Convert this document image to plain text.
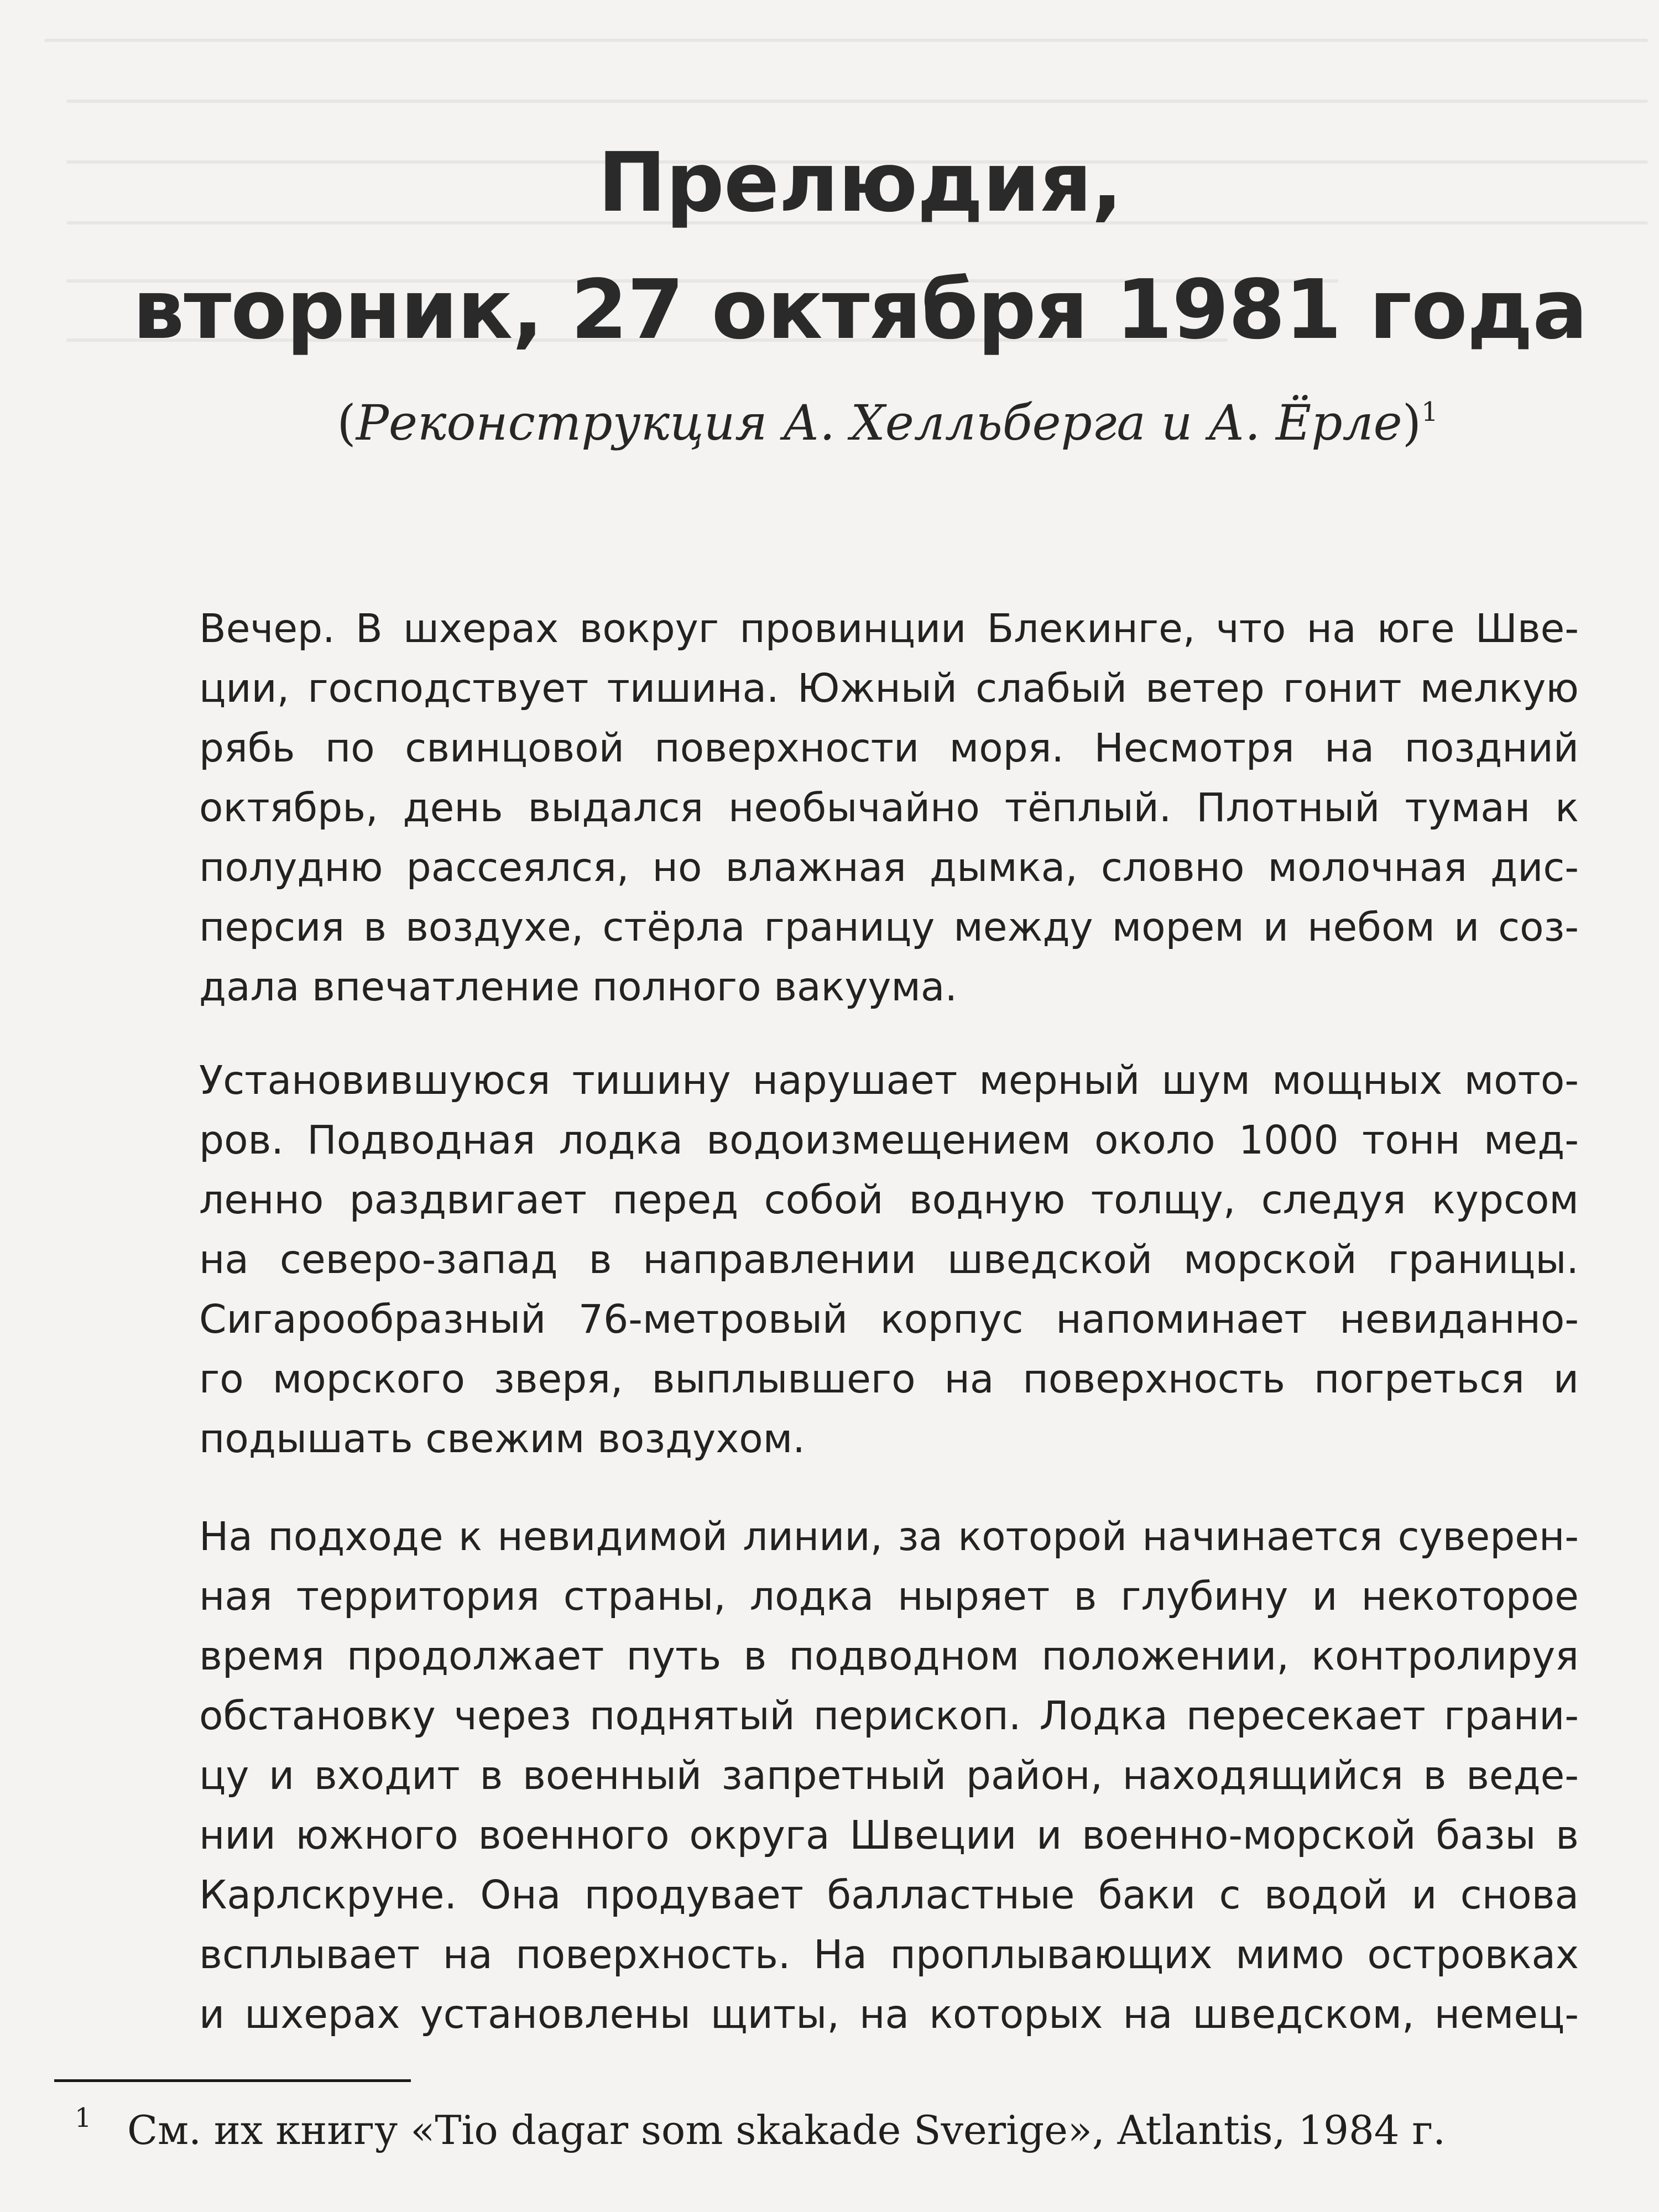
Прелюдия,
вторник, 27 октября 1981 года
(Реконструкция А. Хелльберга и А. Ёрле)$^1$
Вечер. В шхерах вокруг провинции Блекинге, что на юге Шве-
ции, господствует тишина. Южный слабый ветер гонит мелкую
рябь по свинцовой поверхности моря. Несмотря на поздний
октябрь, день выдался необычайно тёплый. Плотный туман к
полудню рассеялся, но влажная дымка, словно молочная дис-
персия в воздухе, стёрла границу между морем и небом и соз-
дала впечатление полного вакуума.
Установившуюся тишину нарушает мерный шум мощных мото-
ров. Подводная лодка водоизмещением около 1000 тонн мед-
ленно раздвигает перед собой водную толщу, следуя курсом
на северо-запад в направлении шведской морской границы.
Сигарообразный 76-метровый корпус напоминает невиданно-
го морского зверя, выплывшего на поверхность погреться и
подышать свежим воздухом.
На подходе к невидимой линии, за которой начинается суверен-
ная территория страны, лодка ныряет в глубину и некоторое
время продолжает путь в подводном положении, контролируя
обстановку через поднятый перископ. Лодка пересекает грани-
цу и входит в военный запретный район, находящийся в веде-
нии южного военного округа Швеции и военно-морской базы в
Карлскруне. Она продувает балластные баки с водой и снова
всплывает на поверхность. На проплывающих мимо островках
и шхерах установлены щиты, на которых на шведском, немец-
1 См. их книгу «Tio dagar som skakade Sverige», Atlantis, 1984 г.
